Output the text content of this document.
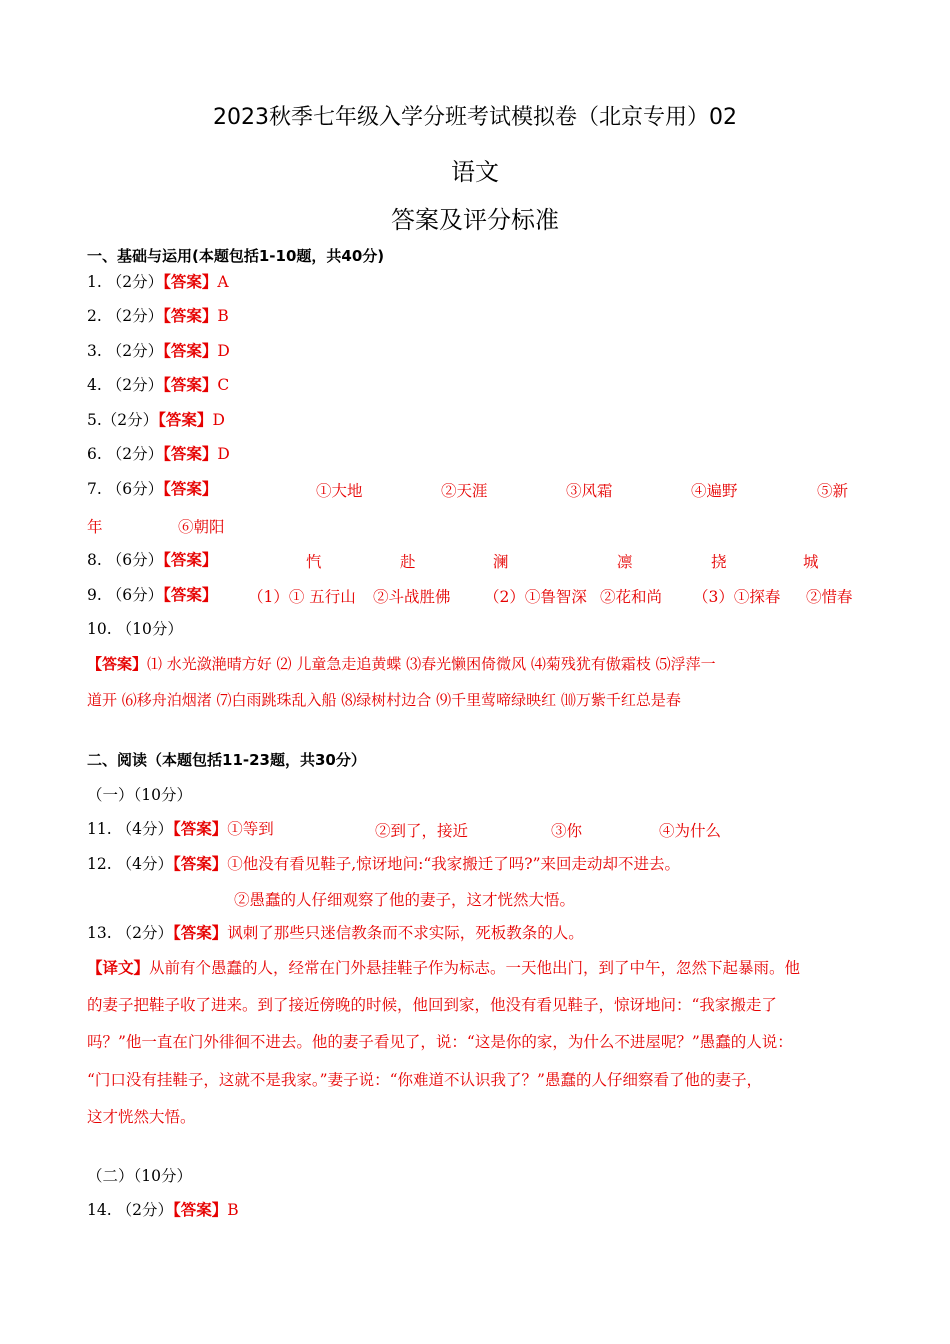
2023秋季七年级入学分班考试模拟卷（北京专用）02
语文
答案及评分标准
一、基础与运用(本题包括1-10题，共40分)
1. （2分）【答案】A
2. （2分）【答案】B
3. （2分）【答案】D
4. （2分）【答案】C
5.（2分）【答案】D
6. （2分）【答案】D
7. （6分）【答案】	①大地	②天涯	③风霜	④遍野	⑤新
年	⑥朝阳
8. （6分）【答案】	忾	赴	澜	凛	挠	城
9. （6分）【答案】 （1）① 五行山 ②斗战胜佛 （2）①鲁智深 ②花和尚 （3）①探春 ②惜春
10. （10分）
【答案】⑴ 水光潋滟晴方好 ⑵ 儿童急走追黄蝶 ⑶春光懒困倚微风 ⑷菊残犹有傲霜枝 ⑸浮萍一
道开 ⑹移舟泊烟渚 ⑺白雨跳珠乱入船 ⑻绿树村边合 ⑼千里莺啼绿映红 ⑽万紫千红总是春
二、阅读（本题包括11-23题，共30分）
（一）（10分）
11. （4分）【答案】①等到	②到了，接近	③你	④为什么
12. （4分）【答案】①他没有看见鞋子,惊讶地问:“我家搬迁了吗?”来回走动却不进去。
②愚蠢的人仔细观察了他的妻子，这才恍然大悟。
13. （2分）【答案】讽刺了那些只迷信教条而不求实际，死板教条的人。
【译文】从前有个愚蠢的人，经常在门外悬挂鞋子作为标志。一天他出门，到了中午，忽然下起暴雨。他
的妻子把鞋子收了进来。到了接近傍晚的时候，他回到家，他没有看见鞋子，惊讶地问：“我家搬走了
吗？”他一直在门外徘徊不进去。他的妻子看见了，说：“这是你的家，为什么不进屋呢？”愚蠢的人说：
“门口没有挂鞋子，这就不是我家。”妻子说：“你难道不认识我了？”愚蠢的人仔细察看了他的妻子，
这才恍然大悟。
（二）（10分）
14. （2分）【答案】B
